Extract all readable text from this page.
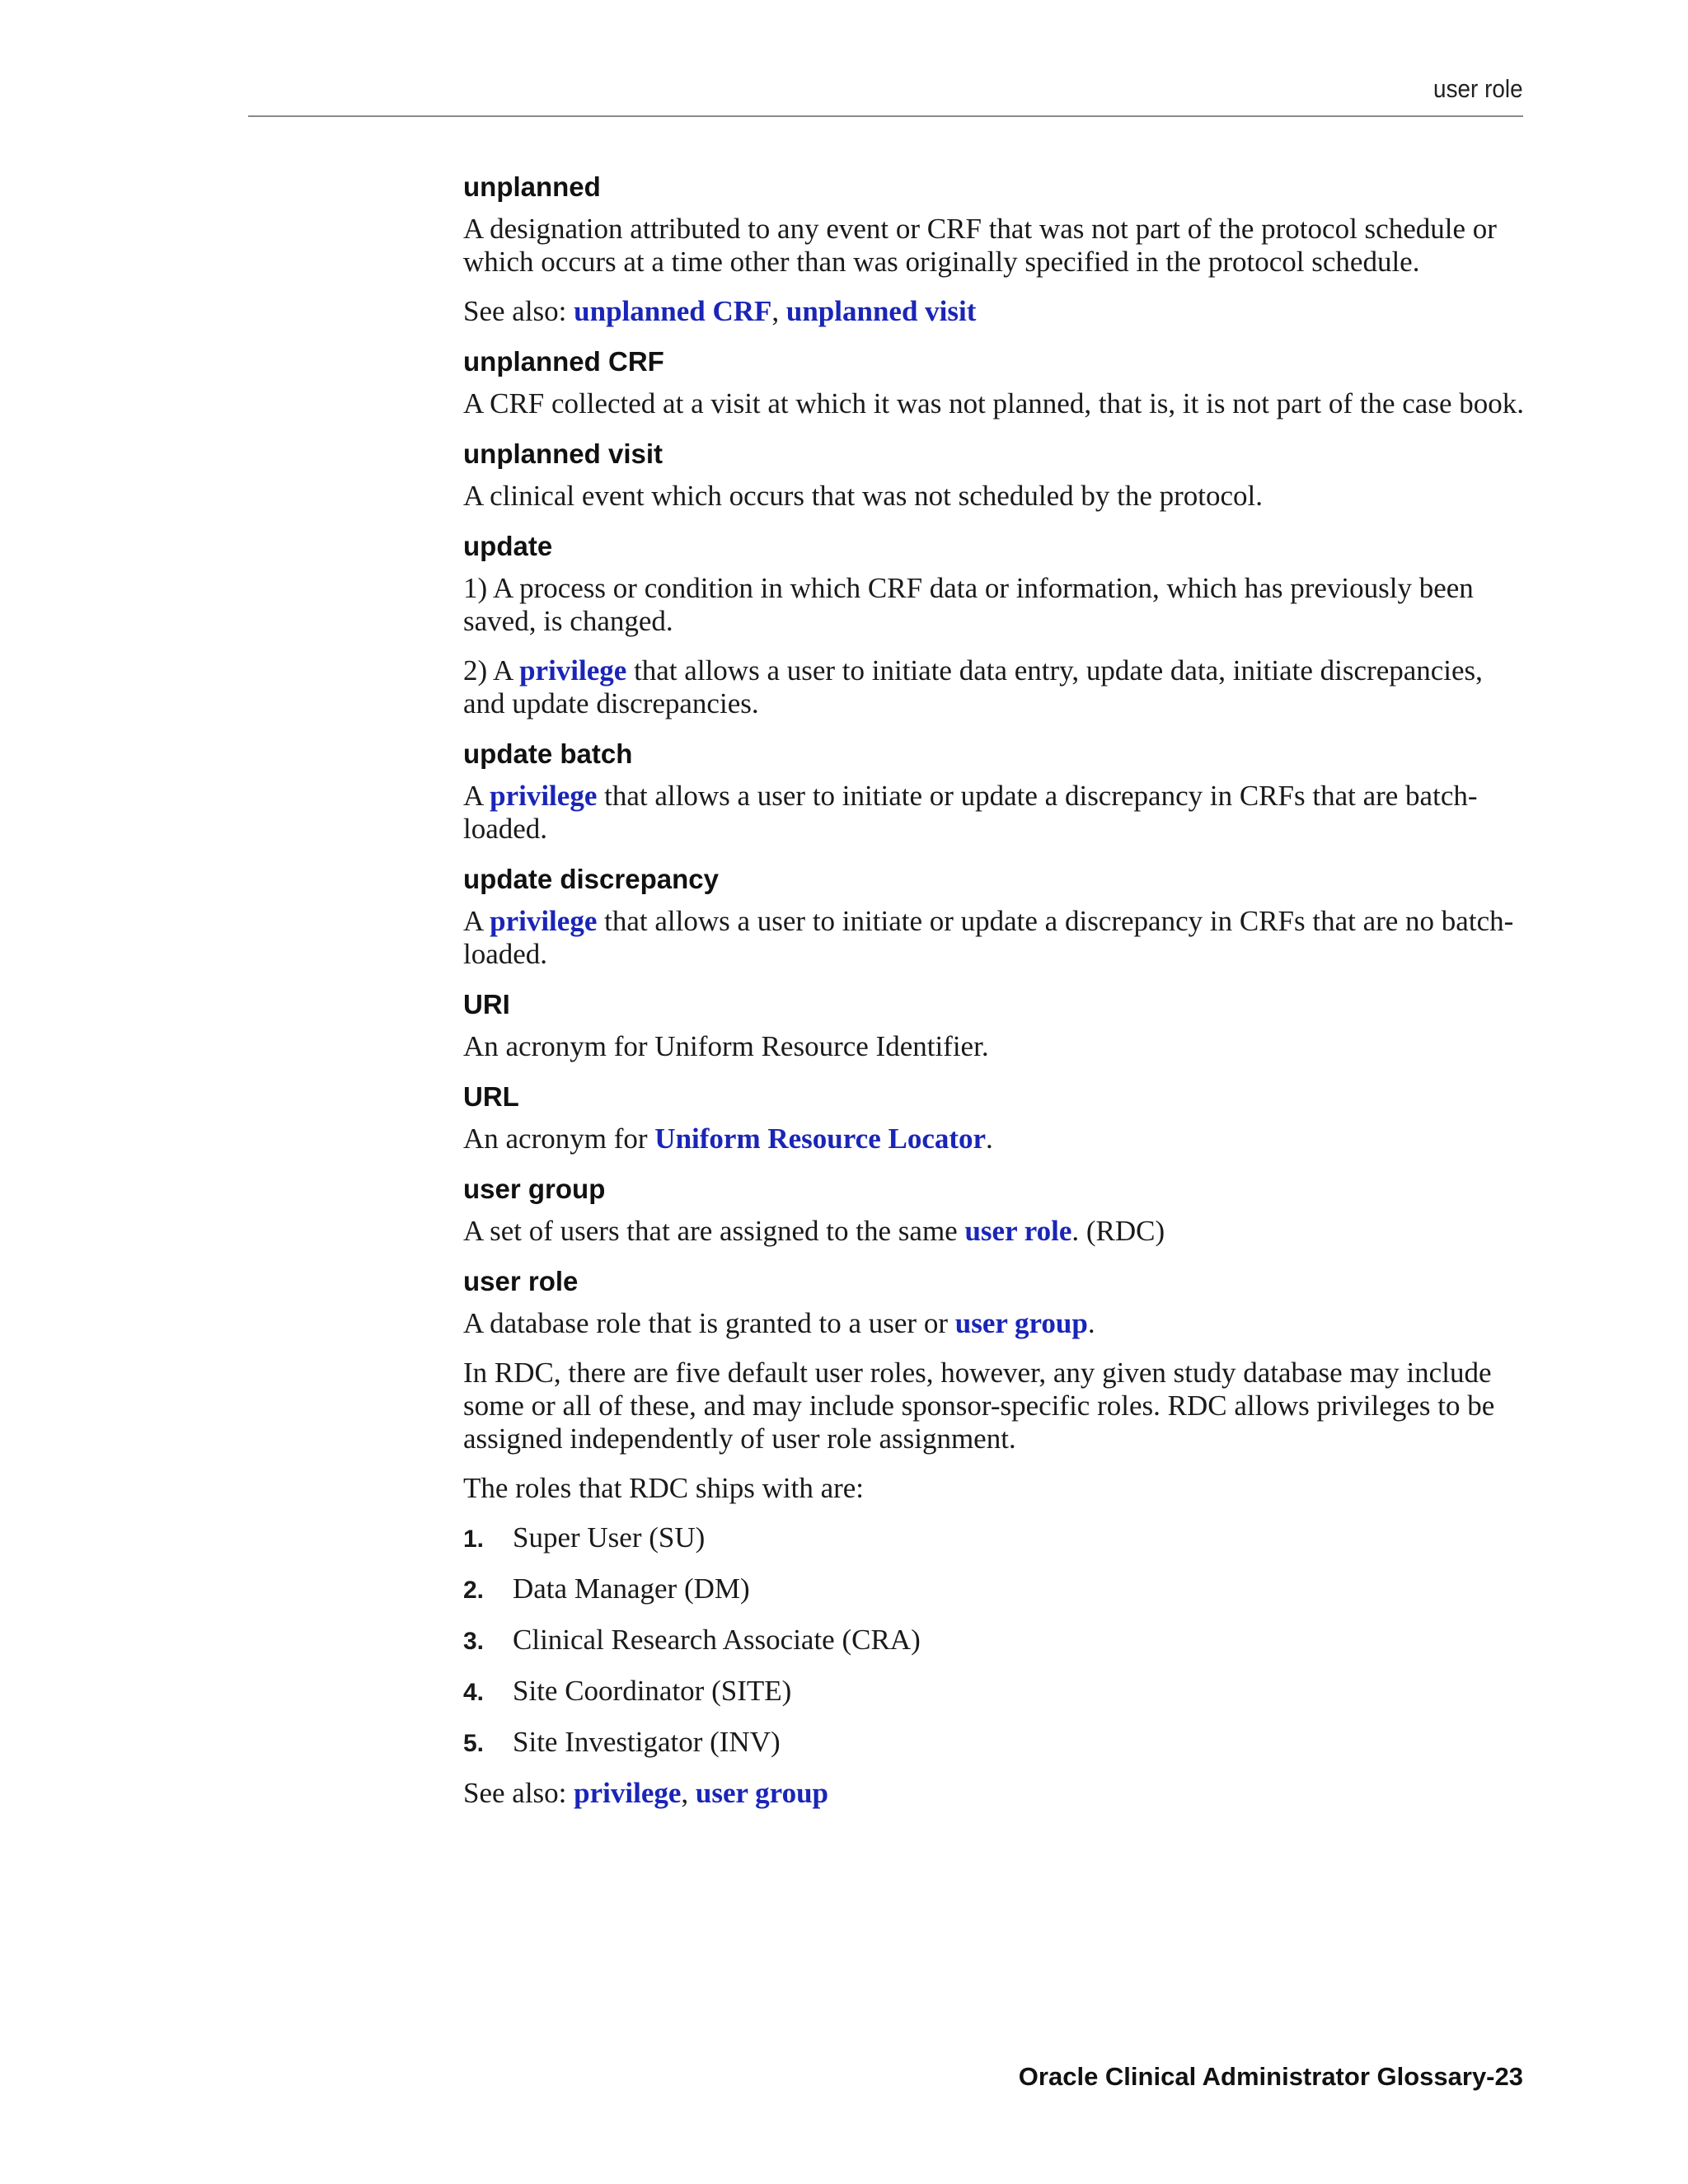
user role
unplanned

A designation attributed to any event or CRF that was not part of the protocol schedule or which occurs at a time other than was originally specified in the protocol schedule.

See also: unplanned CRF, unplanned visit

unplanned CRF

A CRF collected at a visit at which it was not planned, that is, it is not part of the case book.

unplanned visit

A clinical event which occurs that was not scheduled by the protocol.

update

1) A process or condition in which CRF data or information, which has previously been saved, is changed.

2) A privilege that allows a user to initiate data entry, update data, initiate discrepancies, and update discrepancies.

update batch

A privilege that allows a user to initiate or update a discrepancy in CRFs that are batch-loaded.

update discrepancy

A privilege that allows a user to initiate or update a discrepancy in CRFs that are no batch-loaded.

URI

An acronym for Uniform Resource Identifier.

URL

An acronym for Uniform Resource Locator.

user group

A set of users that are assigned to the same user role. (RDC)

user role

A database role that is granted to a user or user group.

In RDC, there are five default user roles, however, any given study database may include some or all of these, and may include sponsor-specific roles. RDC allows privileges to be assigned independently of user role assignment.

The roles that RDC ships with are:

1. Super User (SU)
2. Data Manager (DM)
3. Clinical Research Associate (CRA)
4. Site Coordinator (SITE)
5. Site Investigator (INV)

See also: privilege, user group

Oracle Clinical Administrator Glossary-23
